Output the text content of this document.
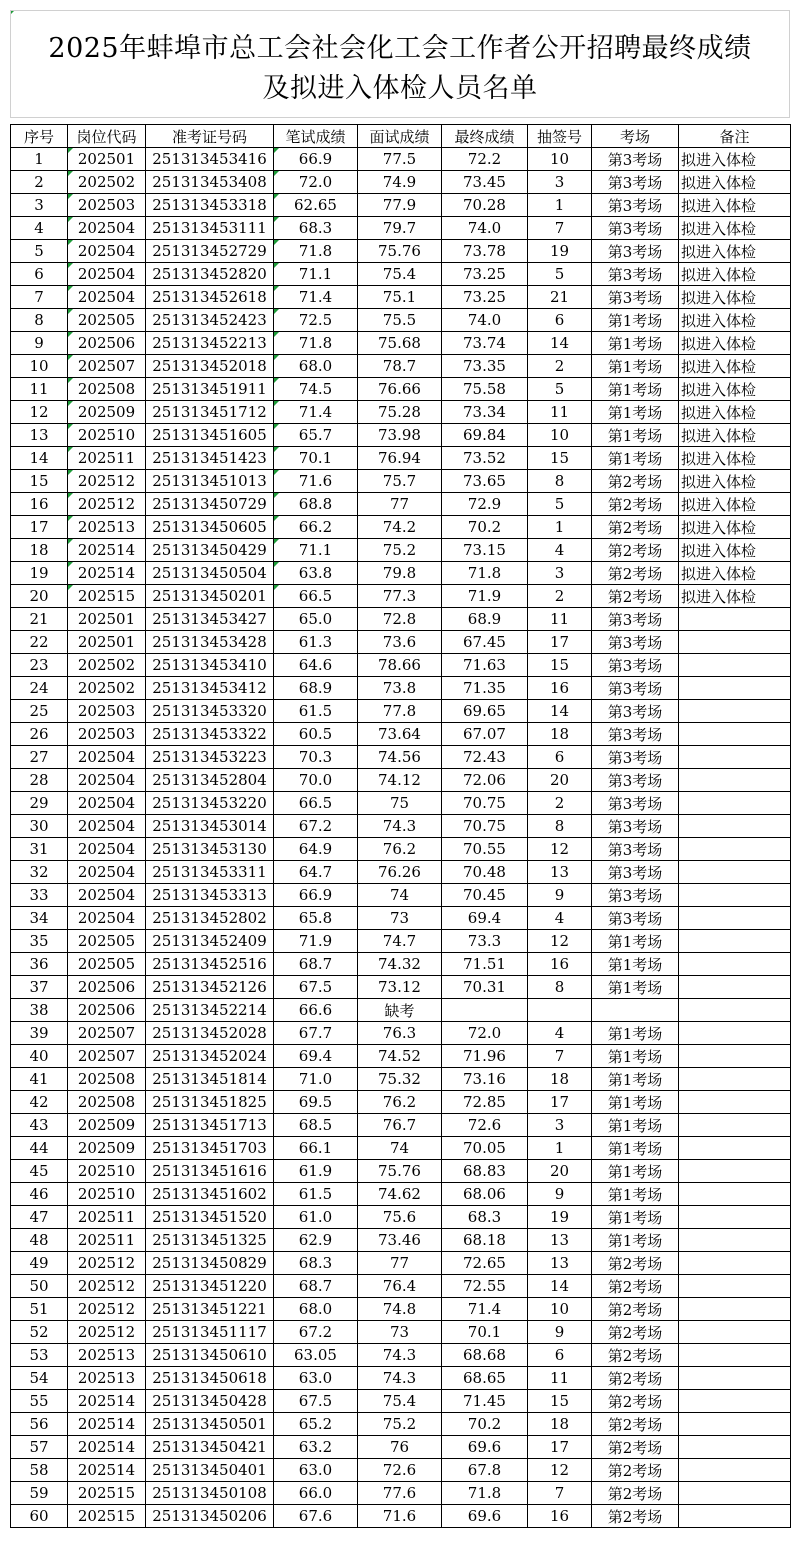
2025年蚌埠市总工会社会化工会工作者公开招聘最终成绩
及拟进入体检人员名单
序号	岗位代码	准考证号码	笔试成绩	面试成绩	最终成绩	抽签号	考场	备注
1	202501	251313453416	66.9	77.5	72.2	10	第3考场	拟进入体检
2	202502	251313453408	72.0	74.9	73.45	3	第3考场	拟进入体检
3	202503	251313453318	62.65	77.9	70.28	1	第3考场	拟进入体检
4	202504	251313453111	68.3	79.7	74.0	7	第3考场	拟进入体检
5	202504	251313452729	71.8	75.76	73.78	19	第3考场	拟进入体检
6	202504	251313452820	71.1	75.4	73.25	5	第3考场	拟进入体检
7	202504	251313452618	71.4	75.1	73.25	21	第3考场	拟进入体检
8	202505	251313452423	72.5	75.5	74.0	6	第1考场	拟进入体检
9	202506	251313452213	71.8	75.68	73.74	14	第1考场	拟进入体检
10	202507	251313452018	68.0	78.7	73.35	2	第1考场	拟进入体检
11	202508	251313451911	74.5	76.66	75.58	5	第1考场	拟进入体检
12	202509	251313451712	71.4	75.28	73.34	11	第1考场	拟进入体检
13	202510	251313451605	65.7	73.98	69.84	10	第1考场	拟进入体检
14	202511	251313451423	70.1	76.94	73.52	15	第1考场	拟进入体检
15	202512	251313451013	71.6	75.7	73.65	8	第2考场	拟进入体检
16	202512	251313450729	68.8	77	72.9	5	第2考场	拟进入体检
17	202513	251313450605	66.2	74.2	70.2	1	第2考场	拟进入体检
18	202514	251313450429	71.1	75.2	73.15	4	第2考场	拟进入体检
19	202514	251313450504	63.8	79.8	71.8	3	第2考场	拟进入体检
20	202515	251313450201	66.5	77.3	71.9	2	第2考场	拟进入体检
21	202501	251313453427	65.0	72.8	68.9	11	第3考场	
22	202501	251313453428	61.3	73.6	67.45	17	第3考场	
23	202502	251313453410	64.6	78.66	71.63	15	第3考场	
24	202502	251313453412	68.9	73.8	71.35	16	第3考场	
25	202503	251313453320	61.5	77.8	69.65	14	第3考场	
26	202503	251313453322	60.5	73.64	67.07	18	第3考场	
27	202504	251313453223	70.3	74.56	72.43	6	第3考场	
28	202504	251313452804	70.0	74.12	72.06	20	第3考场	
29	202504	251313453220	66.5	75	70.75	2	第3考场	
30	202504	251313453014	67.2	74.3	70.75	8	第3考场	
31	202504	251313453130	64.9	76.2	70.55	12	第3考场	
32	202504	251313453311	64.7	76.26	70.48	13	第3考场	
33	202504	251313453313	66.9	74	70.45	9	第3考场	
34	202504	251313452802	65.8	73	69.4	4	第3考场	
35	202505	251313452409	71.9	74.7	73.3	12	第1考场	
36	202505	251313452516	68.7	74.32	71.51	16	第1考场	
37	202506	251313452126	67.5	73.12	70.31	8	第1考场	
38	202506	251313452214	66.6	缺考				
39	202507	251313452028	67.7	76.3	72.0	4	第1考场	
40	202507	251313452024	69.4	74.52	71.96	7	第1考场	
41	202508	251313451814	71.0	75.32	73.16	18	第1考场	
42	202508	251313451825	69.5	76.2	72.85	17	第1考场	
43	202509	251313451713	68.5	76.7	72.6	3	第1考场	
44	202509	251313451703	66.1	74	70.05	1	第1考场	
45	202510	251313451616	61.9	75.76	68.83	20	第1考场	
46	202510	251313451602	61.5	74.62	68.06	9	第1考场	
47	202511	251313451520	61.0	75.6	68.3	19	第1考场	
48	202511	251313451325	62.9	73.46	68.18	13	第1考场	
49	202512	251313450829	68.3	77	72.65	13	第2考场	
50	202512	251313451220	68.7	76.4	72.55	14	第2考场	
51	202512	251313451221	68.0	74.8	71.4	10	第2考场	
52	202512	251313451117	67.2	73	70.1	9	第2考场	
53	202513	251313450610	63.05	74.3	68.68	6	第2考场	
54	202513	251313450618	63.0	74.3	68.65	11	第2考场	
55	202514	251313450428	67.5	75.4	71.45	15	第2考场	
56	202514	251313450501	65.2	75.2	70.2	18	第2考场	
57	202514	251313450421	63.2	76	69.6	17	第2考场	
58	202514	251313450401	63.0	72.6	67.8	12	第2考场	
59	202515	251313450108	66.0	77.6	71.8	7	第2考场	
60	202515	251313450206	67.6	71.6	69.6	16	第2考场	
